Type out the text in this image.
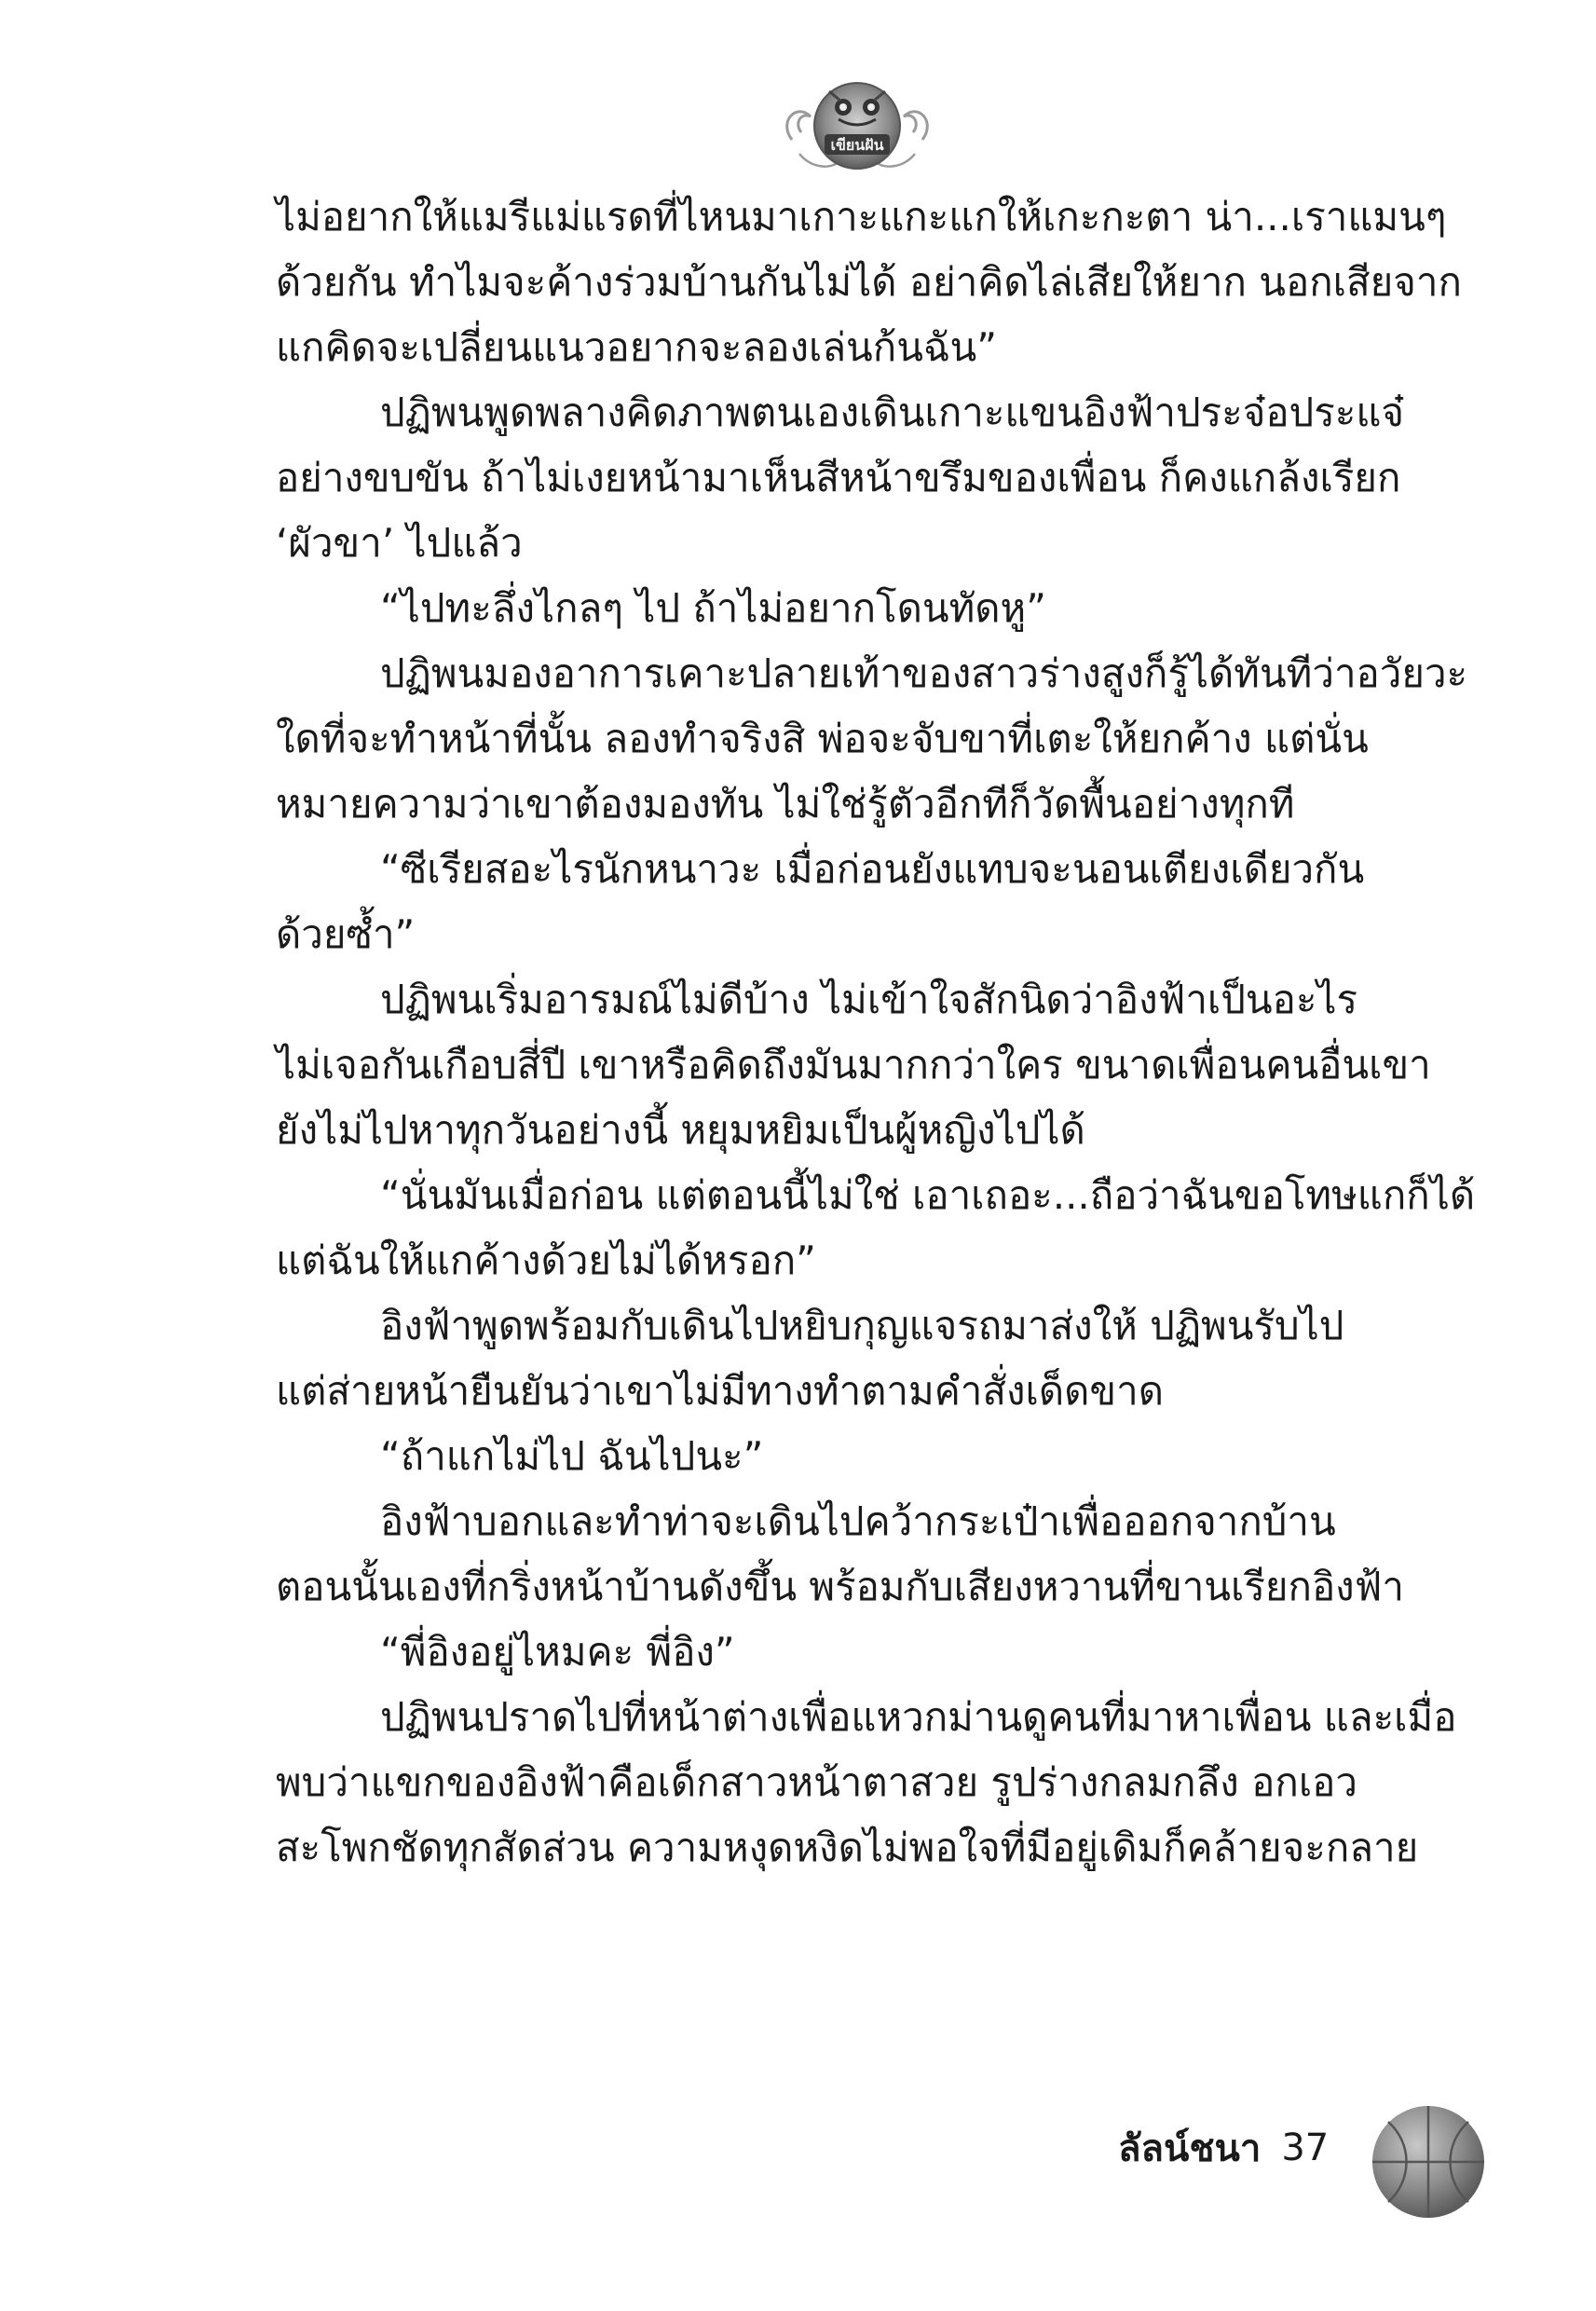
เขียนฝัน

ไม่อยากให้แมรีแม่แรดที่ไหนมาเกาะแกะแกให้เกะกะตา น่า...เราแมนๆ
ด้วยกัน ทำไมจะค้างร่วมบ้านกันไม่ได้ อย่าคิดไล่เสียให้ยาก นอกเสียจาก
แกคิดจะเปลี่ยนแนวอยากจะลองเล่นก้นฉัน”

ปฏิพนพูดพลางคิดภาพตนเองเดินเกาะแขนอิงฟ้าประจ๋อประแจ๋
อย่างขบขัน ถ้าไม่เงยหน้ามาเห็นสีหน้าขรึมของเพื่อน ก็คงแกล้งเรียก
‘ผัวขา’ ไปแล้ว

“ไปทะลึ่งไกลๆ ไป ถ้าไม่อยากโดนทัดหู”

ปฏิพนมองอาการเคาะปลายเท้าของสาวร่างสูงก็รู้ได้ทันทีว่าอวัยวะ
ใดที่จะทำหน้าที่นั้น ลองทำจริงสิ พ่อจะจับขาที่เตะให้ยกค้าง แต่นั่น
หมายความว่าเขาต้องมองทัน ไม่ใช่รู้ตัวอีกทีก็วัดพื้นอย่างทุกที

“ซีเรียสอะไรนักหนาวะ เมื่อก่อนยังแทบจะนอนเตียงเดียวกัน
ด้วยซ้ำ”

ปฏิพนเริ่มอารมณ์ไม่ดีบ้าง ไม่เข้าใจสักนิดว่าอิงฟ้าเป็นอะไร
ไม่เจอกันเกือบสี่ปี เขาหรือคิดถึงมันมากกว่าใคร ขนาดเพื่อนคนอื่นเขา
ยังไม่ไปหาทุกวันอย่างนี้ หยุมหยิมเป็นผู้หญิงไปได้

“นั่นมันเมื่อก่อน แต่ตอนนี้ไม่ใช่ เอาเถอะ...ถือว่าฉันขอโทษแกก็ได้
แต่ฉันให้แกค้างด้วยไม่ได้หรอก”

อิงฟ้าพูดพร้อมกับเดินไปหยิบกุญแจรถมาส่งให้ ปฏิพนรับไป
แต่ส่ายหน้ายืนยันว่าเขาไม่มีทางทำตามคำสั่งเด็ดขาด

“ถ้าแกไม่ไป ฉันไปนะ”

อิงฟ้าบอกและทำท่าจะเดินไปคว้ากระเป๋าเพื่อออกจากบ้าน
ตอนนั้นเองที่กริ่งหน้าบ้านดังขึ้น พร้อมกับเสียงหวานที่ขานเรียกอิงฟ้า

“พี่อิงอยู่ไหมคะ พี่อิง”

ปฏิพนปราดไปที่หน้าต่างเพื่อแหวกม่านดูคนที่มาหาเพื่อน และเมื่อ
พบว่าแขกของอิงฟ้าคือเด็กสาวหน้าตาสวย รูปร่างกลมกลึง อกเอว
สะโพกชัดทุกสัดส่วน ความหงุดหงิดไม่พอใจที่มีอยู่เดิมก็คล้ายจะกลาย

ลัลน์ชนา 37
